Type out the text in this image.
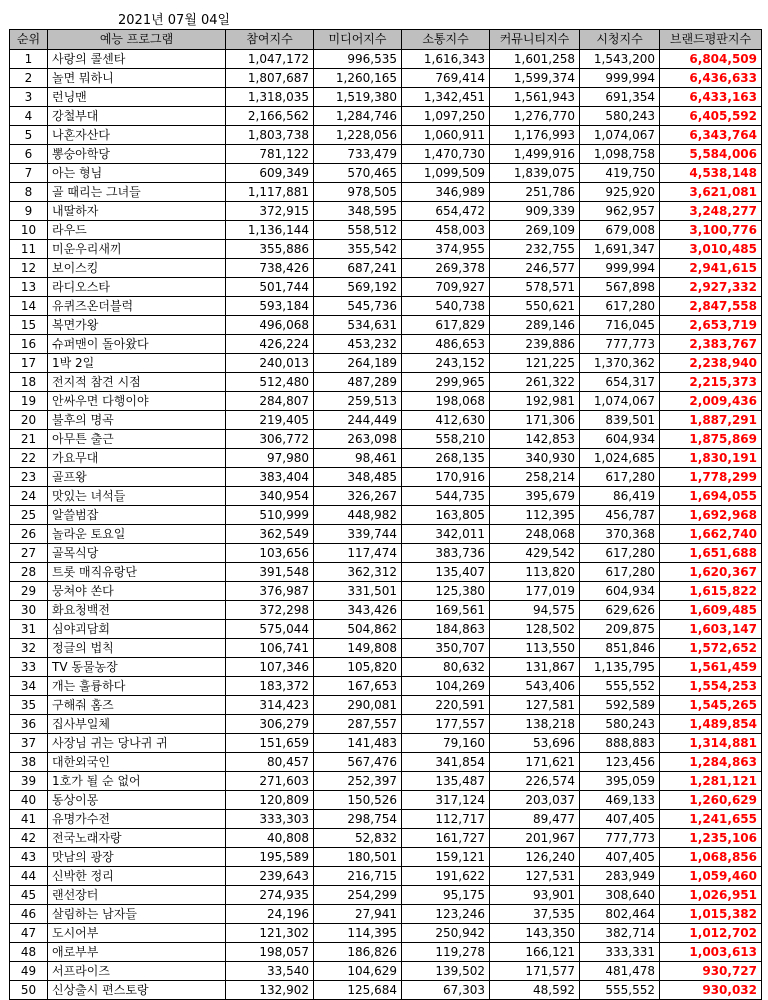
2021년 07월 04일
순위	예능 프로그램	참여지수	미디어지수	소통지수	커뮤니티지수	시청지수	브랜드평판지수
1	사랑의 콜센타	1,047,172	996,535	1,616,343	1,601,258	1,543,200	6,804,509
2	놀면 뭐하니	1,807,687	1,260,165	769,414	1,599,374	999,994	6,436,633
3	런닝맨	1,318,035	1,519,380	1,342,451	1,561,943	691,354	6,433,163
4	강철부대	2,166,562	1,284,746	1,097,250	1,276,770	580,243	6,405,592
5	나혼자산다	1,803,738	1,228,056	1,060,911	1,176,993	1,074,067	6,343,764
6	뽕숭아학당	781,122	733,479	1,470,730	1,499,916	1,098,758	5,584,006
7	아는 형님	609,349	570,465	1,099,509	1,839,075	419,750	4,538,148
8	골 때리는 그녀들	1,117,881	978,505	346,989	251,786	925,920	3,621,081
9	내딸하자	372,915	348,595	654,472	909,339	962,957	3,248,277
10	라우드	1,136,144	558,512	458,003	269,109	679,008	3,100,776
11	미운우리새끼	355,886	355,542	374,955	232,755	1,691,347	3,010,485
12	보이스킹	738,426	687,241	269,378	246,577	999,994	2,941,615
13	라디오스타	501,744	569,192	709,927	578,571	567,898	2,927,332
14	유퀴즈온더블럭	593,184	545,736	540,738	550,621	617,280	2,847,558
15	복면가왕	496,068	534,631	617,829	289,146	716,045	2,653,719
16	슈퍼맨이 돌아왔다	426,224	453,232	486,653	239,886	777,773	2,383,767
17	1박 2일	240,013	264,189	243,152	121,225	1,370,362	2,238,940
18	전지적 참견 시점	512,480	487,289	299,965	261,322	654,317	2,215,373
19	안싸우면 다행이야	284,807	259,513	198,068	192,981	1,074,067	2,009,436
20	불후의 명곡	219,405	244,449	412,630	171,306	839,501	1,887,291
21	아무튼 출근	306,772	263,098	558,210	142,853	604,934	1,875,869
22	가요무대	97,980	98,461	268,135	340,930	1,024,685	1,830,191
23	골프왕	383,404	348,485	170,916	258,214	617,280	1,778,299
24	맛있는 녀석들	340,954	326,267	544,735	395,679	86,419	1,694,055
25	알쓸범잡	510,999	448,982	163,805	112,395	456,787	1,692,968
26	놀라운 토요일	362,549	339,744	342,011	248,068	370,368	1,662,740
27	골목식당	103,656	117,474	383,736	429,542	617,280	1,651,688
28	트롯 매직유랑단	391,548	362,312	135,407	113,820	617,280	1,620,367
29	뭉쳐야 쏜다	376,987	331,501	125,380	177,019	604,934	1,615,822
30	화요청백전	372,298	343,426	169,561	94,575	629,626	1,609,485
31	심야괴담회	575,044	504,862	184,863	128,502	209,875	1,603,147
32	정글의 법칙	106,741	149,808	350,707	113,550	851,846	1,572,652
33	TV 동물농장	107,346	105,820	80,632	131,867	1,135,795	1,561,459
34	개는 훌륭하다	183,372	167,653	104,269	543,406	555,552	1,554,253
35	구해줘 홈즈	314,423	290,081	220,591	127,581	592,589	1,545,265
36	집사부일체	306,279	287,557	177,557	138,218	580,243	1,489,854
37	사장님 귀는 당나귀 귀	151,659	141,483	79,160	53,696	888,883	1,314,881
38	대한외국인	80,457	567,476	341,854	171,621	123,456	1,284,863
39	1호가 될 순 없어	271,603	252,397	135,487	226,574	395,059	1,281,121
40	동상이몽	120,809	150,526	317,124	203,037	469,133	1,260,629
41	유명가수전	333,303	298,754	112,717	89,477	407,405	1,241,655
42	전국노래자랑	40,808	52,832	161,727	201,967	777,773	1,235,106
43	맛남의 광장	195,589	180,501	159,121	126,240	407,405	1,068,856
44	신박한 정리	239,643	216,715	191,622	127,531	283,949	1,059,460
45	랜선장터	274,935	254,299	95,175	93,901	308,640	1,026,951
46	살림하는 남자들	24,196	27,941	123,246	37,535	802,464	1,015,382
47	도시어부	121,302	114,395	250,942	143,350	382,714	1,012,702
48	애로부부	198,057	186,826	119,278	166,121	333,331	1,003,613
49	서프라이즈	33,540	104,629	139,502	171,577	481,478	930,727
50	신상출시 편스토랑	132,902	125,684	67,303	48,592	555,552	930,032
